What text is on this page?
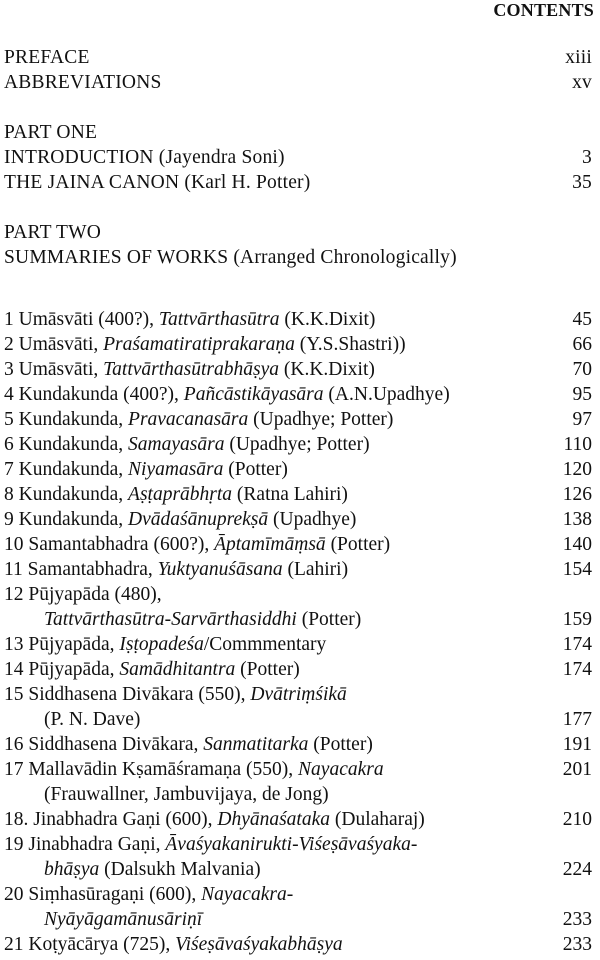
CONTENTS
PREFACE	xiii
ABBREVIATIONS	xv
PART ONE
INTRODUCTION (Jayendra Soni)	3
THE JAINA CANON (Karl H. Potter)	35
PART TWO
SUMMARIES OF WORKS (Arranged Chronologically)
1 Umāsvāti (400?), Tattvārthasūtra (K.K.Dixit)	45
2 Umāsvāti, Praśamatiratiprakaraṇa (Y.S.Shastri))	66
3 Umāsvāti, Tattvārthasūtrabhāṣya (K.K.Dixit)	70
4 Kundakunda (400?), Pañcāstikāyasāra (A.N.Upadhye)	95
5 Kundakunda, Pravacanasāra (Upadhye; Potter)	97
6 Kundakunda, Samayasāra (Upadhye; Potter)	110
7 Kundakunda, Niyamasāra (Potter)	120
8 Kundakunda, Aṣṭaprābhṛta (Ratna Lahiri)	126
9 Kundakunda, Dvādaśānuprekṣā (Upadhye)	138
10 Samantabhadra (600?), Āptamīmāṃsā (Potter)	140
11 Samantabhadra, Yuktyanuśāsana (Lahiri)	154
12 Pūjyapāda (480),
Tattvārthasūtra-Sarvārthasiddhi (Potter)	159
13 Pūjyapāda, Iṣṭopadeśa/Commmentary	174
14 Pūjyapāda, Samādhitantra (Potter)	174
15 Siddhasena Divākara (550), Dvātriṃśikā
(P. N. Dave)	177
16 Siddhasena Divākara, Sanmatitarka (Potter)	191
17 Mallavādin Kṣamāśramaṇa (550), Nayacakra	201
(Frauwallner, Jambuvijaya, de Jong)
18. Jinabhadra Gaṇi (600), Dhyānaśataka (Dulaharaj)	210
19 Jinabhadra Gaṇi, Āvaśyakanirukti-Viśeṣāvaśyaka-
bhāṣya (Dalsukh Malvania)	224
20 Siṃhasūragaṇi (600), Nayacakra-
Nyāyāgamānusāriṇī	233
21 Koṭyācārya (725), Viśeṣāvaśyakabhāṣya	233
